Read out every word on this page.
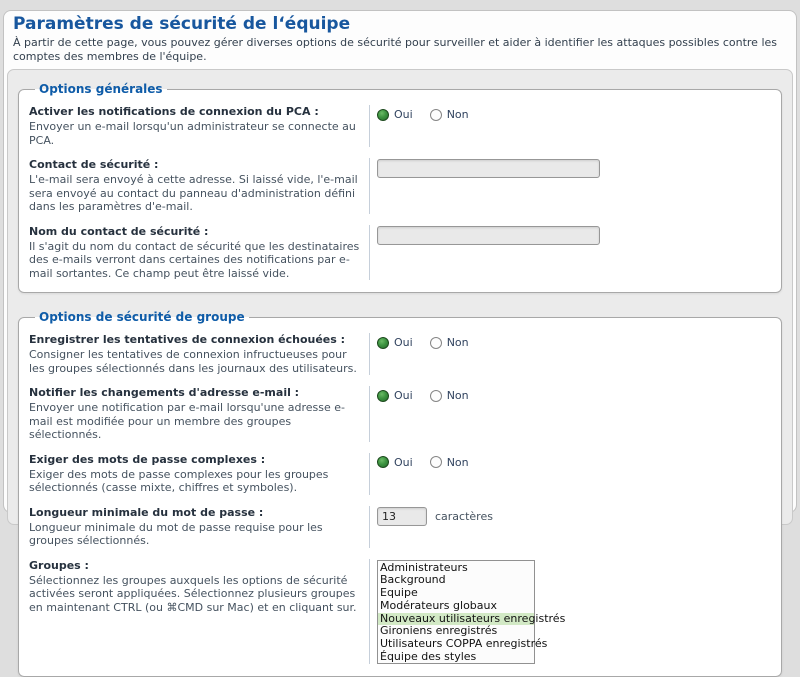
Paramètres de sécurité de l‘équipe
À partir de cette page, vous pouvez gérer diverses options de sécurité pour surveiller et aider à identifier les attaques possibles contre les comptes des membres de l'équipe.
Options générales
Activer les notifications de connexion du PCA :
Envoyer un e-mail lorsqu'un administrateur se connecte au PCA.
Oui	Non
Contact de sécurité :
L'e-mail sera envoyé à cette adresse. Si laissé vide, l'e-mail sera envoyé au contact du panneau d'administration défini dans les paramètres d'e-mail.
Nom du contact de sécurité :
Il s'agit du nom du contact de sécurité que les destinataires des e-mails verront dans certaines des notifications par e-mail sortantes. Ce champ peut être laissé vide.
Options de sécurité de groupe
Enregistrer les tentatives de connexion échouées :
Consigner les tentatives de connexion infructueuses pour les groupes sélectionnés dans les journaux des utilisateurs.
Oui	Non
Notifier les changements d'adresse e-mail :
Envoyer une notification par e-mail lorsqu'une adresse e-mail est modifiée pour un membre des groupes sélectionnés.
Oui	Non
Exiger des mots de passe complexes :
Exiger des mots de passe complexes pour les groupes sélectionnés (casse mixte, chiffres et symboles).
Oui	Non
Longueur minimale du mot de passe :
Longueur minimale du mot de passe requise pour les groupes sélectionnés.
13
caractères
Groupes :
Sélectionnez les groupes auxquels les options de sécurité activées seront appliquées. Sélectionnez plusieurs groupes en maintenant CTRL (ou ⌘CMD sur Mac) et en cliquant sur.
Administrateurs
Background
Equipe
Modérateurs globaux
Nouveaux utilisateurs enregistrés
Gironiens enregistrés
Utilisateurs COPPA enregistrés
Équipe des styles
